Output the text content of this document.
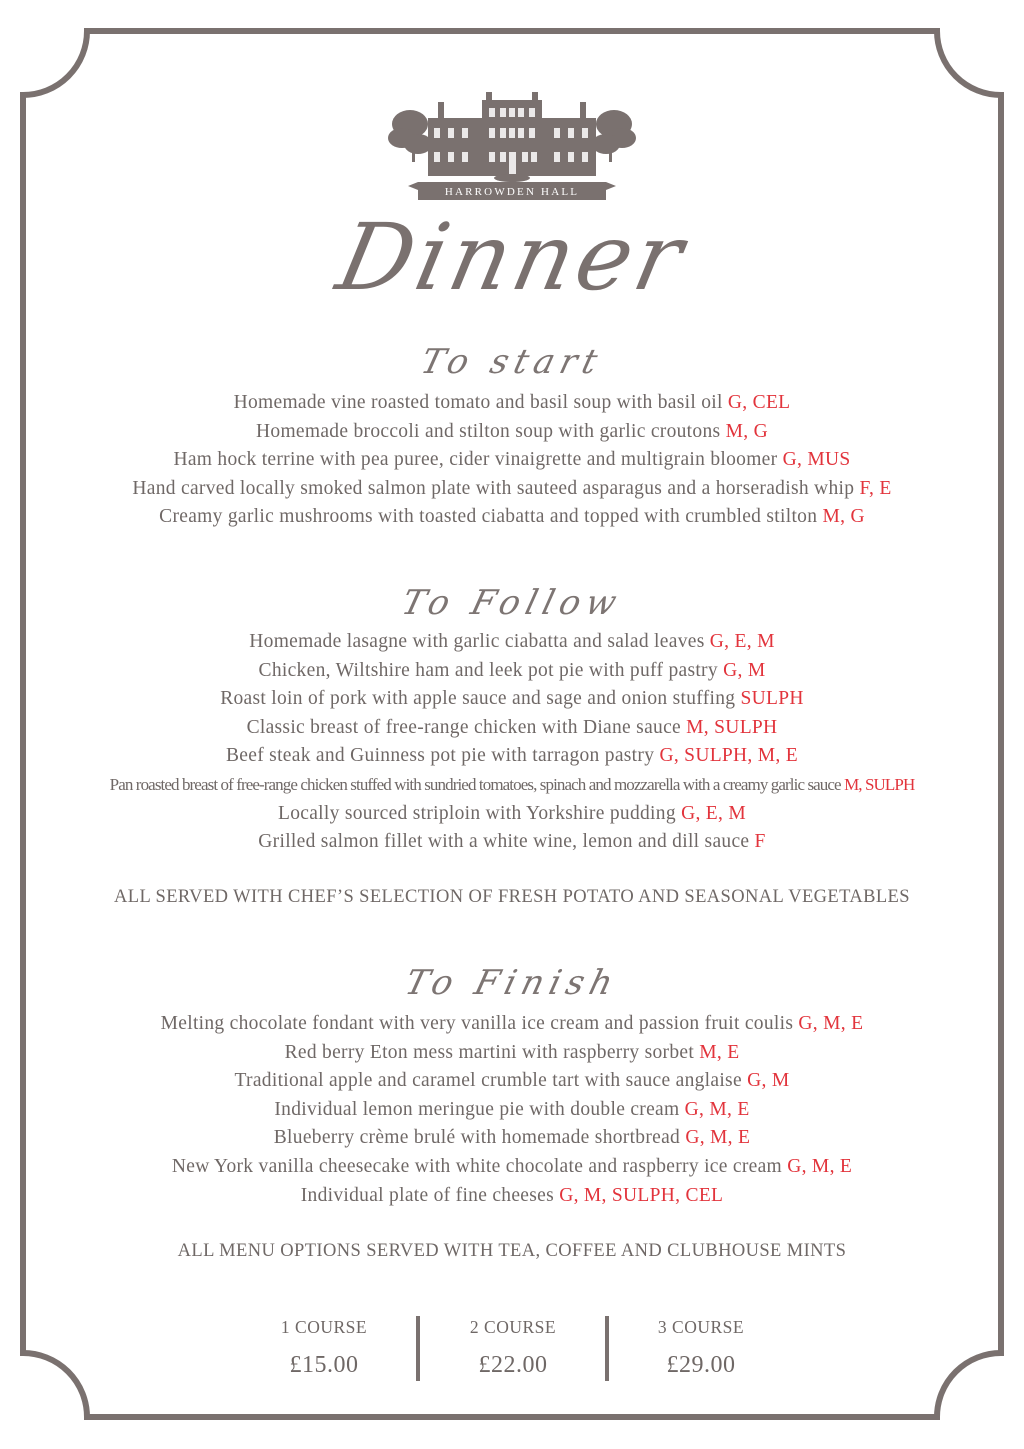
HARROWDEN HALL
Dinner
To start
Homemade vine roasted tomato and basil soup with basil oil G, CEL
Homemade broccoli and stilton soup with garlic croutons M, G
Ham hock terrine with pea puree, cider vinaigrette and multigrain bloomer G, MUS
Hand carved locally smoked salmon plate with sauteed asparagus and a horseradish whip F, E
Creamy garlic mushrooms with toasted ciabatta and topped with crumbled stilton M, G
To Follow
Homemade lasagne with garlic ciabatta and salad leaves G, E, M
Chicken, Wiltshire ham and leek pot pie with puff pastry G, M
Roast loin of pork with apple sauce and sage and onion stuffing SULPH
Classic breast of free-range chicken with Diane sauce M, SULPH
Beef steak and Guinness pot pie with tarragon pastry G, SULPH, M, E
Pan roasted breast of free-range chicken stuffed with sundried tomatoes, spinach and mozzarella with a creamy garlic sauce M, SULPH
Locally sourced striploin with Yorkshire pudding G, E, M
Grilled salmon fillet with a white wine, lemon and dill sauce F
ALL SERVED WITH CHEF’S SELECTION OF FRESH POTATO AND SEASONAL VEGETABLES
To Finish
Melting chocolate fondant with very vanilla ice cream and passion fruit coulis G, M, E
Red berry Eton mess martini with raspberry sorbet M, E
Traditional apple and caramel crumble tart with sauce anglaise G, M
Individual lemon meringue pie with double cream G, M, E
Blueberry crème brulé with homemade shortbread G, M, E
New York vanilla cheesecake with white chocolate and raspberry ice cream G, M, E
Individual plate of fine cheeses G, M, SULPH, CEL
ALL MENU OPTIONS SERVED WITH TEA, COFFEE AND CLUBHOUSE MINTS
1 COURSE
£15.00
2 COURSE
£22.00
3 COURSE
£29.00
